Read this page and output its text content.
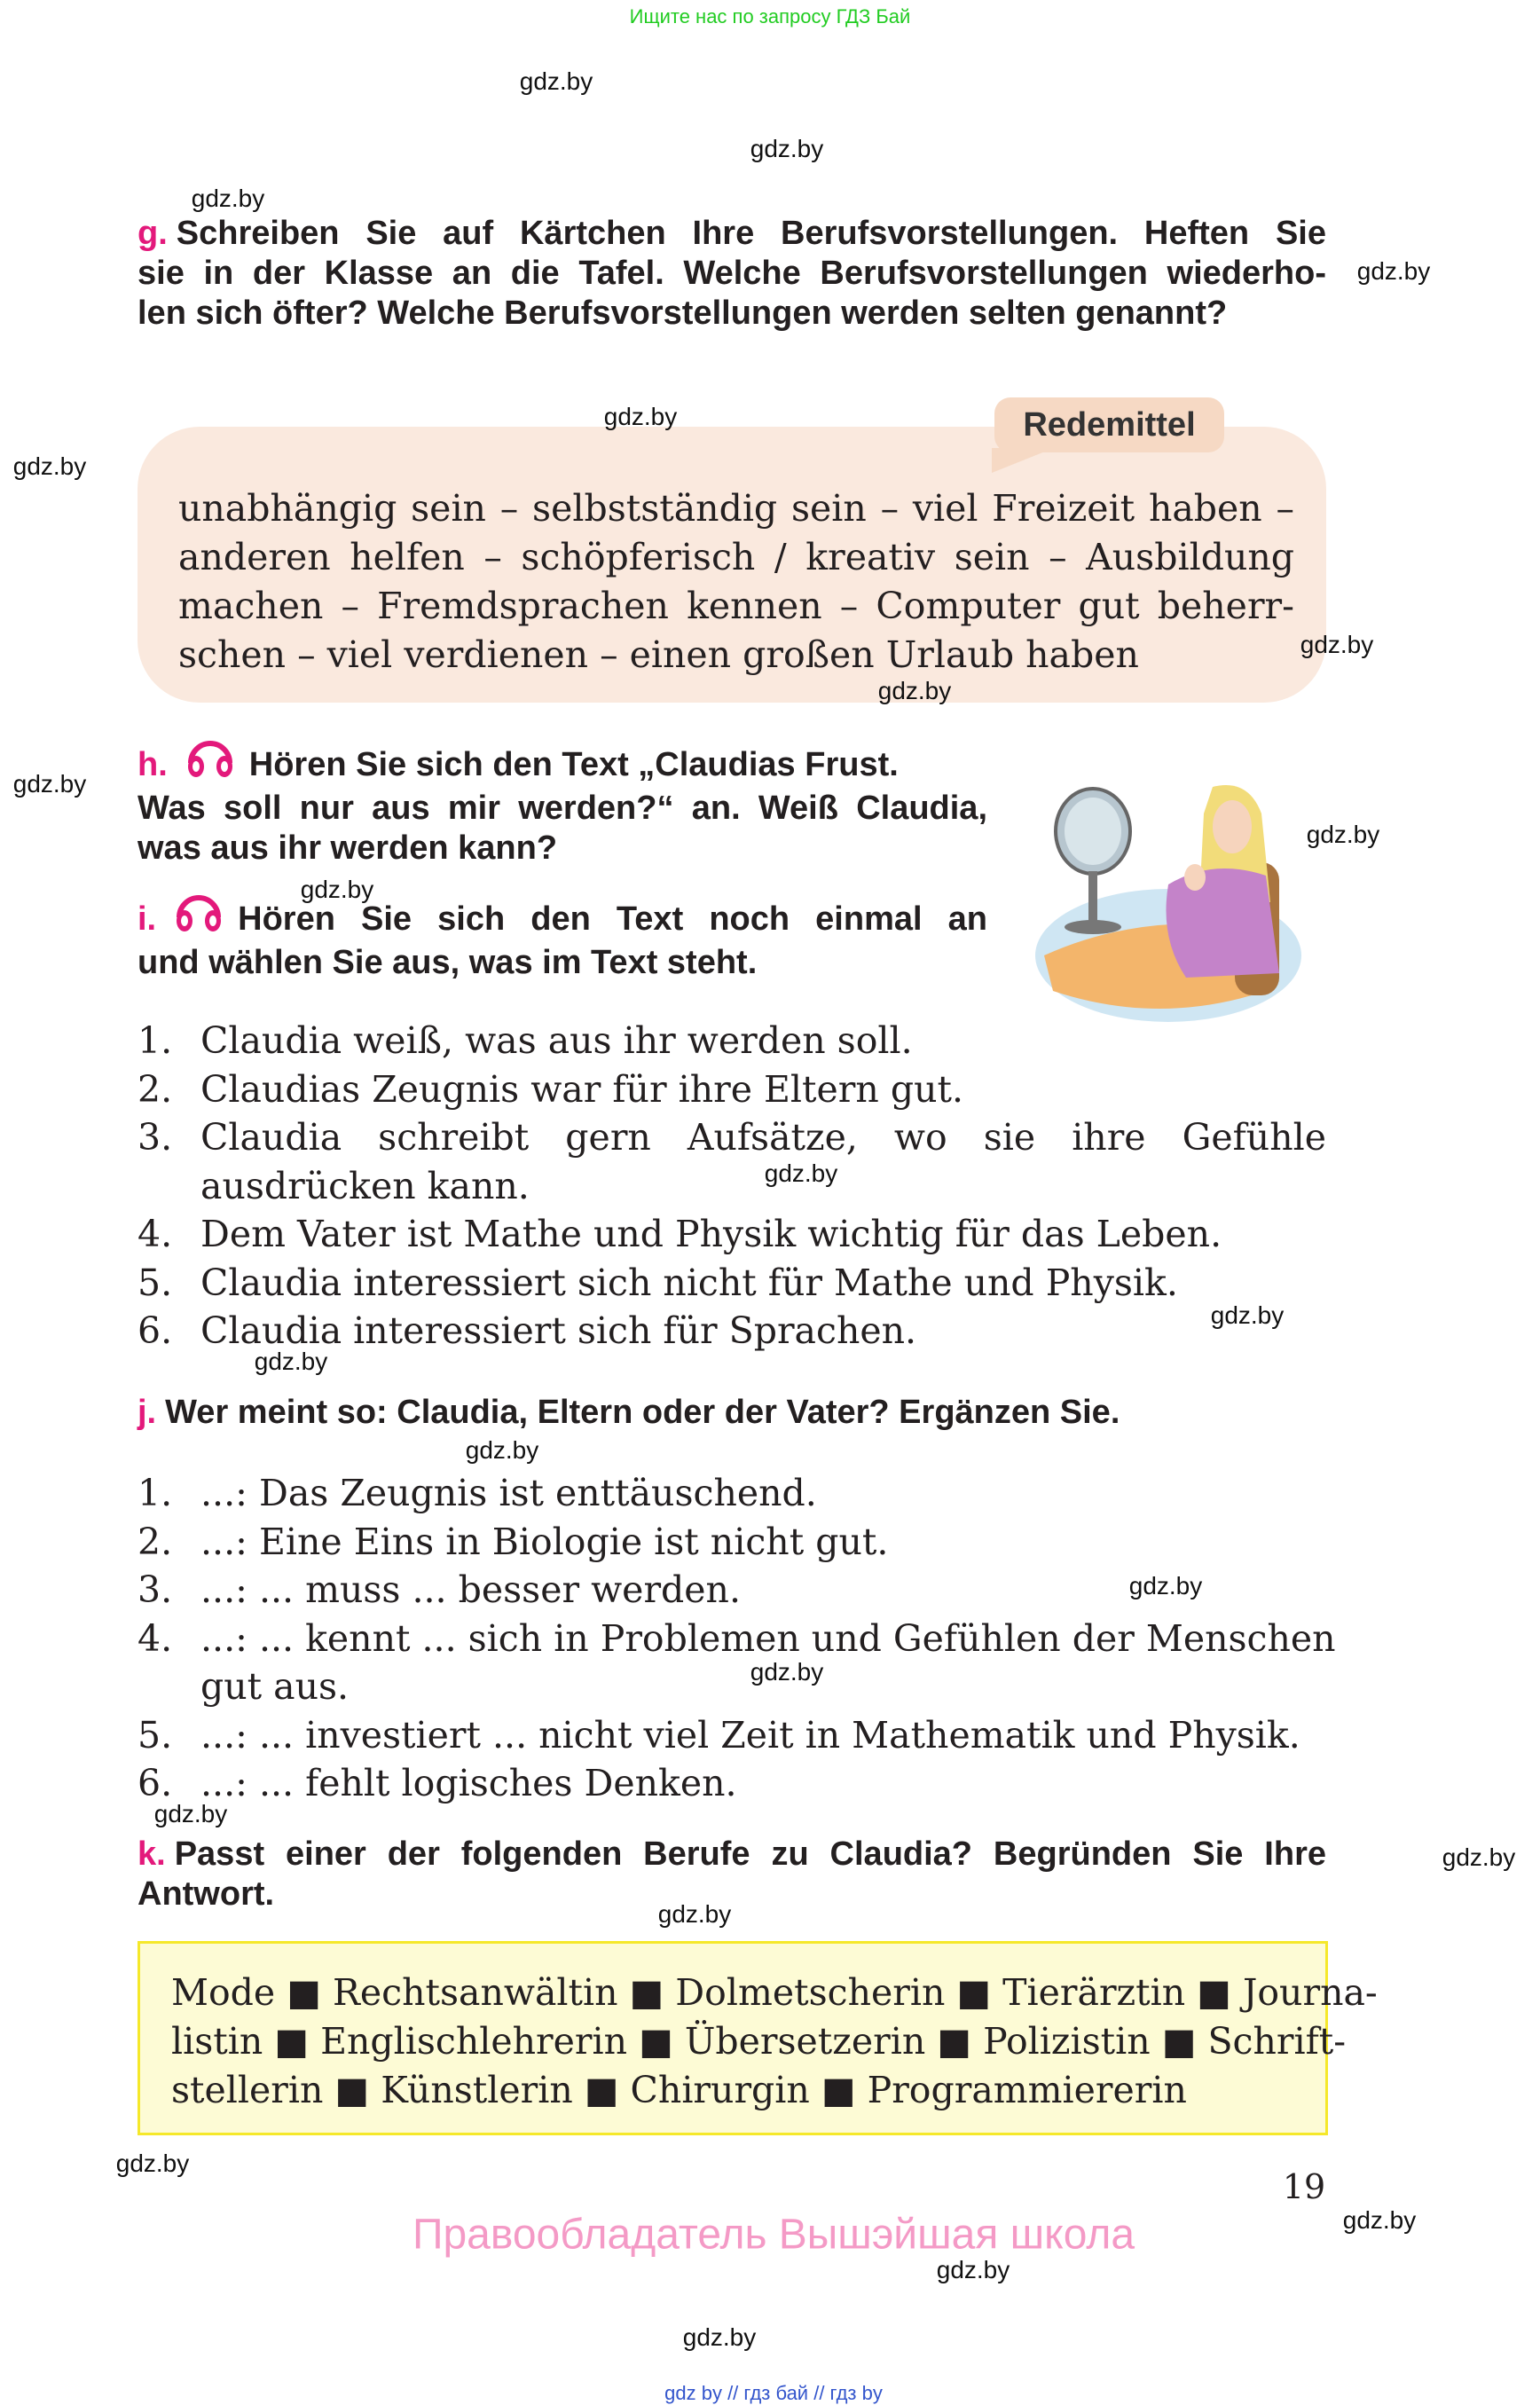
Ищите нас по запросу ГДЗ Бай
gdz.by
gdz.by
gdz.by
gdz.by
gdz.by
gdz.by
gdz.by
gdz.by
gdz.by
gdz.by
gdz.by
gdz.by
gdz.by
gdz.by
gdz.by
gdz.by
gdz.by
gdz.by
gdz.by
gdz.by
gdz.by
gdz.by
gdz.by
gdz.by
g. Schreiben Sie auf Kärtchen Ihre Berufsvorstellungen. Heften Sie
sie in der Klasse an die Tafel. Welche Berufsvorstellungen wiederho-
len sich öfter? Welche Berufsvorstellungen werden selten genannt?
Redemittel
unabhängig sein – selbstständig sein – viel Freizeit haben –
anderen helfen – schöpferisch / kreativ sein – Ausbildung
machen – Fremdsprachen kennen – Computer gut beherr-
schen – viel verdienen – einen großen Urlaub haben
h. Hören Sie sich den Text „Claudias Frust.
Was soll nur aus mir werden?“ an. Weiß Claudia,
was aus ihr werden kann?
i. Hören Sie sich den Text noch einmal an
und wählen Sie aus, was im Text steht.
1. Claudia weiß, was aus ihr werden soll.
2. Claudias Zeugnis war für ihre Eltern gut.
3. Claudia schreibt gern Aufsätze, wo sie ihre Gefühle
ausdrücken kann.
4. Dem Vater ist Mathe und Physik wichtig für das Leben.
5. Claudia interessiert sich nicht für Mathe und Physik.
6. Claudia interessiert sich für Sprachen.
j. Wer meint so: Claudia, Eltern oder der Vater? Ergänzen Sie.
1. ...: Das Zeugnis ist enttäuschend.
2. ...: Eine Eins in Biologie ist nicht gut.
3. ...: ... muss ... besser werden.
4. ...: ... kennt ... sich in Problemen und Gefühlen der Menschen
gut aus.
5. ...: ... investiert ... nicht viel Zeit in Mathematik und Physik.
6. ...: ... fehlt logisches Denken.
k. Passt einer der folgenden Berufe zu Claudia? Begründen Sie Ihre
Antwort.
Mode ■ Rechtsanwältin ■ Dolmetscherin ■ Tierärztin ■ Journa-
listin ■ Englischlehrerin ■ Übersetzerin ■ Polizistin ■ Schrift-
stellerin ■ Künstlerin ■ Chirurgin ■ Programmiererin
19
Правообладатель Вышэйшая школа
gdz by // гдз бай // гдз by
